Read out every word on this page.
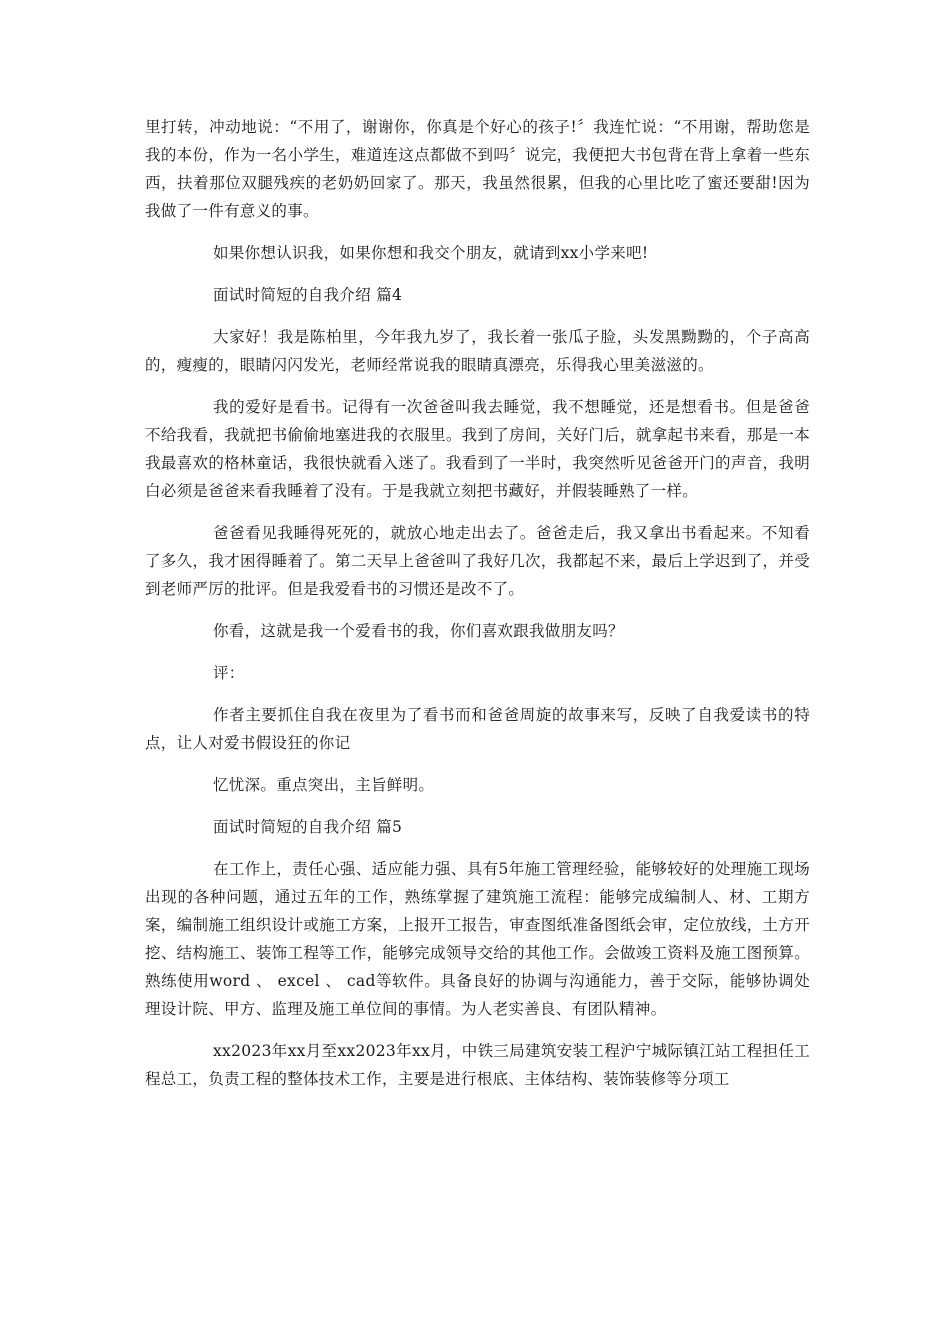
里打转，冲动地说：“不用了，谢谢你，你真是个好心的孩子!〞我连忙说：“不用谢，帮助您是我的本份，作为一名小学生，难道连这点都做不到吗〞说完，我便把大书包背在背上拿着一些东西，扶着那位双腿残疾的老奶奶回家了。那天，我虽然很累，但我的心里比吃了蜜还要甜!因为我做了一件有意义的事。

如果你想认识我，如果你想和我交个朋友，就请到xx小学来吧!

面试时简短的自我介绍 篇4

大家好！我是陈柏里，今年我九岁了，我长着一张瓜子脸，头发黑黝黝的，个子高高的，瘦瘦的，眼睛闪闪发光，老师经常说我的眼睛真漂亮，乐得我心里美滋滋的。

我的爱好是看书。记得有一次爸爸叫我去睡觉，我不想睡觉，还是想看书。但是爸爸不给我看，我就把书偷偷地塞进我的衣服里。我到了房间，关好门后，就拿起书来看，那是一本我最喜欢的格林童话，我很快就看入迷了。我看到了一半时，我突然听见爸爸开门的声音，我明白必须是爸爸来看我睡着了没有。于是我就立刻把书藏好，并假装睡熟了一样。

爸爸看见我睡得死死的，就放心地走出去了。爸爸走后，我又拿出书看起来。不知看了多久，我才困得睡着了。第二天早上爸爸叫了我好几次，我都起不来，最后上学迟到了，并受到老师严厉的批评。但是我爱看书的习惯还是改不了。

你看，这就是我一个爱看书的我，你们喜欢跟我做朋友吗？

评：

作者主要抓住自我在夜里为了看书而和爸爸周旋的故事来写，反映了自我爱读书的特点，让人对爱书假设狂的你记

忆忧深。重点突出，主旨鲜明。

面试时简短的自我介绍 篇5

在工作上，责任心强、适应能力强、具有5年施工管理经验，能够较好的处理施工现场出现的各种问题，通过五年的工作，熟练掌握了建筑施工流程：能够完成编制人、材、工期方案，编制施工组织设计或施工方案，上报开工报告，审查图纸准备图纸会审，定位放线，土方开挖、结构施工、装饰工程等工作，能够完成领导交给的其他工作。会做竣工资料及施工图预算。熟练使用word 、 excel 、 cad等软件。具备良好的协调与沟通能力，善于交际，能够协调处理设计院、甲方、监理及施工单位间的事情。为人老实善良、有团队精神。

xx2023年xx月至xx2023年xx月，中铁三局建筑安装工程沪宁城际镇江站工程担任工程总工，负责工程的整体技术工作，主要是进行根底、主体结构、装饰装修等分项工
